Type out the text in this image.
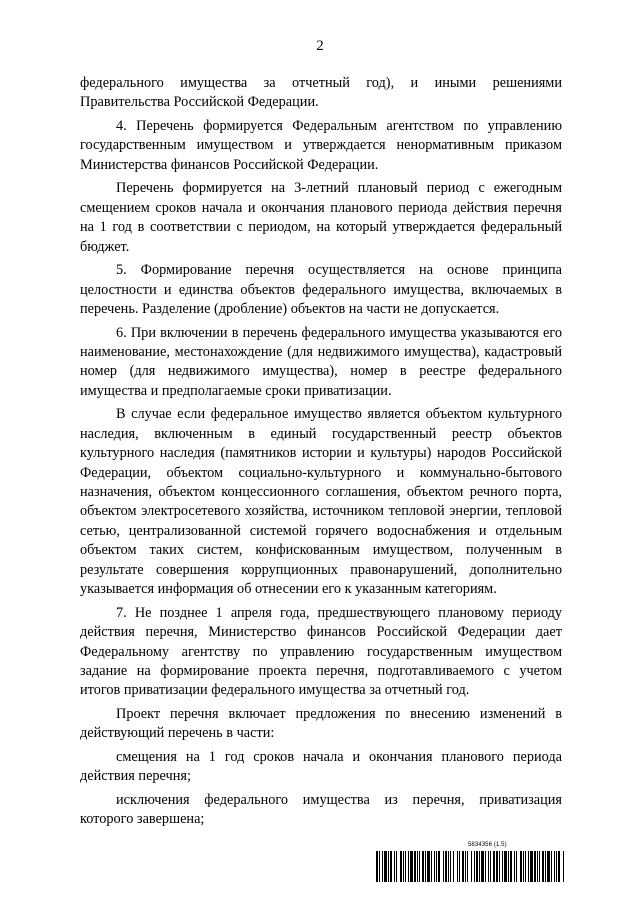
2

федерального имущества за отчетный год), и иными решениями Правительства Российской Федерации.

4. Перечень формируется Федеральным агентством по управлению государственным имуществом и утверждается ненормативным приказом Министерства финансов Российской Федерации.

Перечень формируется на 3-летний плановый период с ежегодным смещением сроков начала и окончания планового периода действия перечня на 1 год в соответствии с периодом, на который утверждается федеральный бюджет.

5. Формирование перечня осуществляется на основе принципа целостности и единства объектов федерального имущества, включаемых в перечень. Разделение (дробление) объектов на части не допускается.

6. При включении в перечень федерального имущества указываются его наименование, местонахождение (для недвижимого имущества), кадастровый номер (для недвижимого имущества), номер в реестре федерального имущества и предполагаемые сроки приватизации.

В случае если федеральное имущество является объектом культурного наследия, включенным в единый государственный реестр объектов культурного наследия (памятников истории и культуры) народов Российской Федерации, объектом социально-культурного и коммунально-бытового назначения, объектом концессионного соглашения, объектом речного порта, объектом электросетевого хозяйства, источником тепловой энергии, тепловой сетью, централизованной системой горячего водоснабжения и отдельным объектом таких систем, конфискованным имуществом, полученным в результате совершения коррупционных правонарушений, дополнительно указывается информация об отнесении его к указанным категориям.

7. Не позднее 1 апреля года, предшествующего плановому периоду действия перечня, Министерство финансов Российской Федерации дает Федеральному агентству по управлению государственным имуществом задание на формирование проекта перечня, подготавливаемого с учетом итогов приватизации федерального имущества за отчетный год.

Проект перечня включает предложения по внесению изменений в действующий перечень в части:

смещения на 1 год сроков начала и окончания планового периода действия перечня;

исключения федерального имущества из перечня, приватизация которого завершена;

5834356 (1.5)
